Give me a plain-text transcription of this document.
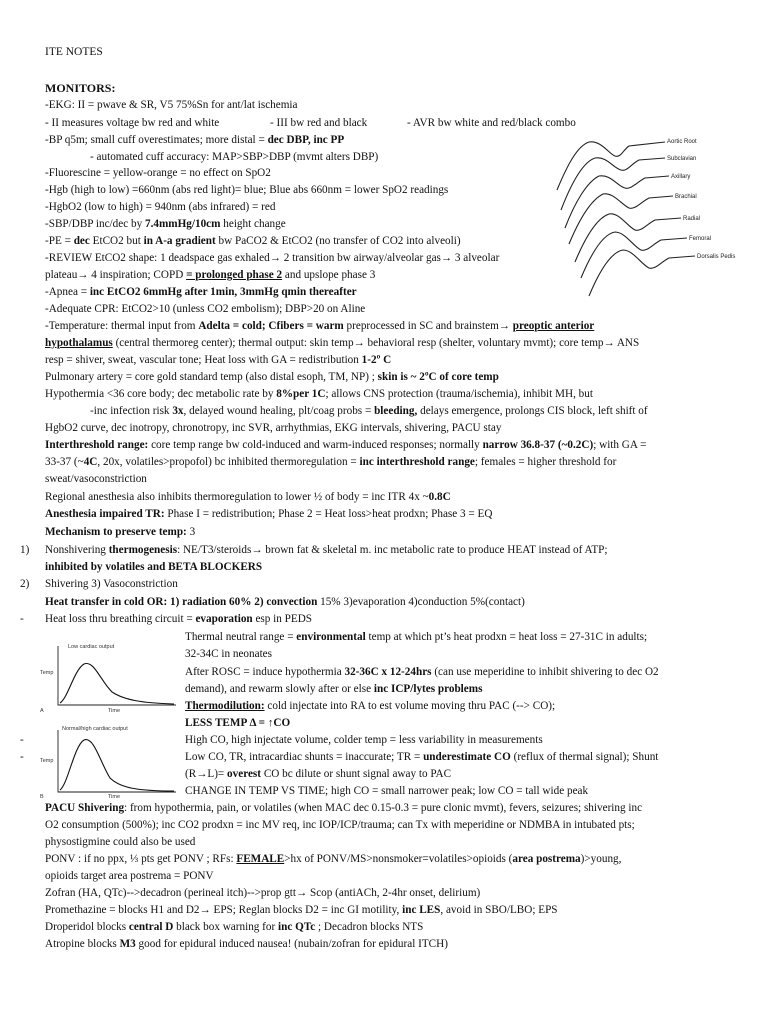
ITE NOTES
MONITORS:
-EKG: II = pwave & SR, V5 75%Sn for ant/lat ischemia
- II measures voltage bw red and white	- III bw red and black	- AVR bw white and red/black combo
-BP q5m; small cuff overestimates; more distal = dec DBP, inc PP
- automated cuff accuracy: MAP>SBP>DBP (mvmt alters DBP)
-Fluorescine = yellow-orange = no effect on SpO2
-Hgb (high to low) =660nm (abs red light)= blue; Blue abs 660nm = lower SpO2 readings
-HgbO2 (low to high) = 940nm (abs infrared) = red
-SBP/DBP inc/dec by 7.4mmHg/10cm height change
-PE = dec EtCO2 but in A-a gradient bw PaCO2 & EtCO2 (no transfer of CO2 into alveoli)
-REVIEW EtCO2 shape: 1 deadspace gas exhaled→ 2 transition bw airway/alveolar gas→ 3 alveolar
plateau→ 4 inspiration; COPD = prolonged phase 2 and upslope phase 3
-Apnea = inc EtCO2 6mmHg after 1min, 3mmHg qmin thereafter
-Adequate CPR: EtCO2>10 (unless CO2 embolism); DBP>20 on Aline
-Temperature: thermal input from Adelta = cold; Cfibers = warm preprocessed in SC and brainstem→ preoptic anterior
hypothalamus (central thermoreg center); thermal output: skin temp→ behavioral resp (shelter, voluntary mvmt); core temp→ ANS
resp = shiver, sweat, vascular tone; Heat loss with GA = redistribution 1-2º C
Pulmonary artery = core gold standard temp (also distal esoph, TM, NP) ; skin is ~ 2ºC of core temp
Hypothermia <36 core body; dec metabolic rate by 8%per 1C; allows CNS protection (trauma/ischemia), inhibit MH, but
-inc infection risk 3x, delayed wound healing, plt/coag probs = bleeding, delays emergence, prolongs CIS block, left shift of
HgbO2 curve, dec inotropy, chronotropy, inc SVR, arrhythmias, EKG intervals, shivering, PACU stay
Interthreshold range: core temp range bw cold-induced and warm-induced responses; normally narrow 36.8-37 (~0.2C); with GA =
33-37 (~4C, 20x, volatiles>propofol) bc inhibited thermoregulation = inc interthreshold range; females = higher threshold for
sweat/vasoconstriction
Regional anesthesia also inhibits thermoregulation to lower ½ of body = inc ITR 4x ~0.8C
Anesthesia impaired TR: Phase I = redistribution; Phase 2 = Heat loss>heat prodxn; Phase 3 = EQ
Mechanism to preserve temp: 3
1) Nonshivering thermogenesis: NE/T3/steroids→ brown fat & skeletal m. inc metabolic rate to produce HEAT instead of ATP;
inhibited by volatiles and BETA BLOCKERS
2) Shivering 3) Vasoconstriction
Heat transfer in cold OR: 1) radiation 60% 2) convection 15% 3)evaporation 4)conduction 5%(contact)
- Heat loss thru breathing circuit = evaporation esp in PEDS
Thermal neutral range = environmental temp at which pt’s heat prodxn = heat loss = 27-31C in adults;
32-34C in neonates
After ROSC = induce hypothermia 32-36C x 12-24hrs (can use meperidine to inhibit shivering to dec O2
demand), and rewarm slowly after or else inc ICP/lytes problems
Thermodilution: cold injectate into RA to est volume moving thru PAC (--> CO);
LESS TEMP Δ = ↑CO
-	High CO, high injectate volume, colder temp = less variability in measurements
-	Low CO, TR, intracardiac shunts = inaccurate; TR = underestimate CO (reflux of thermal signal); Shunt
(R→L)= overest CO bc dilute or shunt signal away to PAC
CHANGE IN TEMP VS TIME; high CO = small narrower peak; low CO = tall wide peak
PACU Shivering: from hypothermia, pain, or volatiles (when MAC dec 0.15-0.3 = pure clonic mvmt), fevers, seizures; shivering inc
O2 consumption (500%); inc CO2 prodxn = inc MV req, inc IOP/ICP/trauma; can Tx with meperidine or NDMBA in intubated pts;
physostigmine could also be used
PONV : if no ppx, ⅓ pts get PONV ; RFs: FEMALE>hx of PONV/MS>nonsmoker=volatiles>opioids (area postrema)>young,
opioids target area postrema = PONV
Zofran (HA, QTc)-->decadron (perineal itch)-->prop gtt→ Scop (antiACh, 2-4hr onset, delirium)
Promethazine = blocks H1 and D2→ EPS; Reglan blocks D2 = inc GI motility, inc LES, avoid in SBO/LBO; EPS
Droperidol blocks central D black box warning for inc QTc ; Decadron blocks NTS
Atropine blocks M3 good for epidural induced nausea! (nubain/zofran for epidural ITCH)
Aortic Root
Subclavian
Axillary
Brachial
Radial
Femoral
Dorsalis Pedis
Low cardiac output
Temp
Time
A
Normal/high cardiac output
Temp
Time
B
